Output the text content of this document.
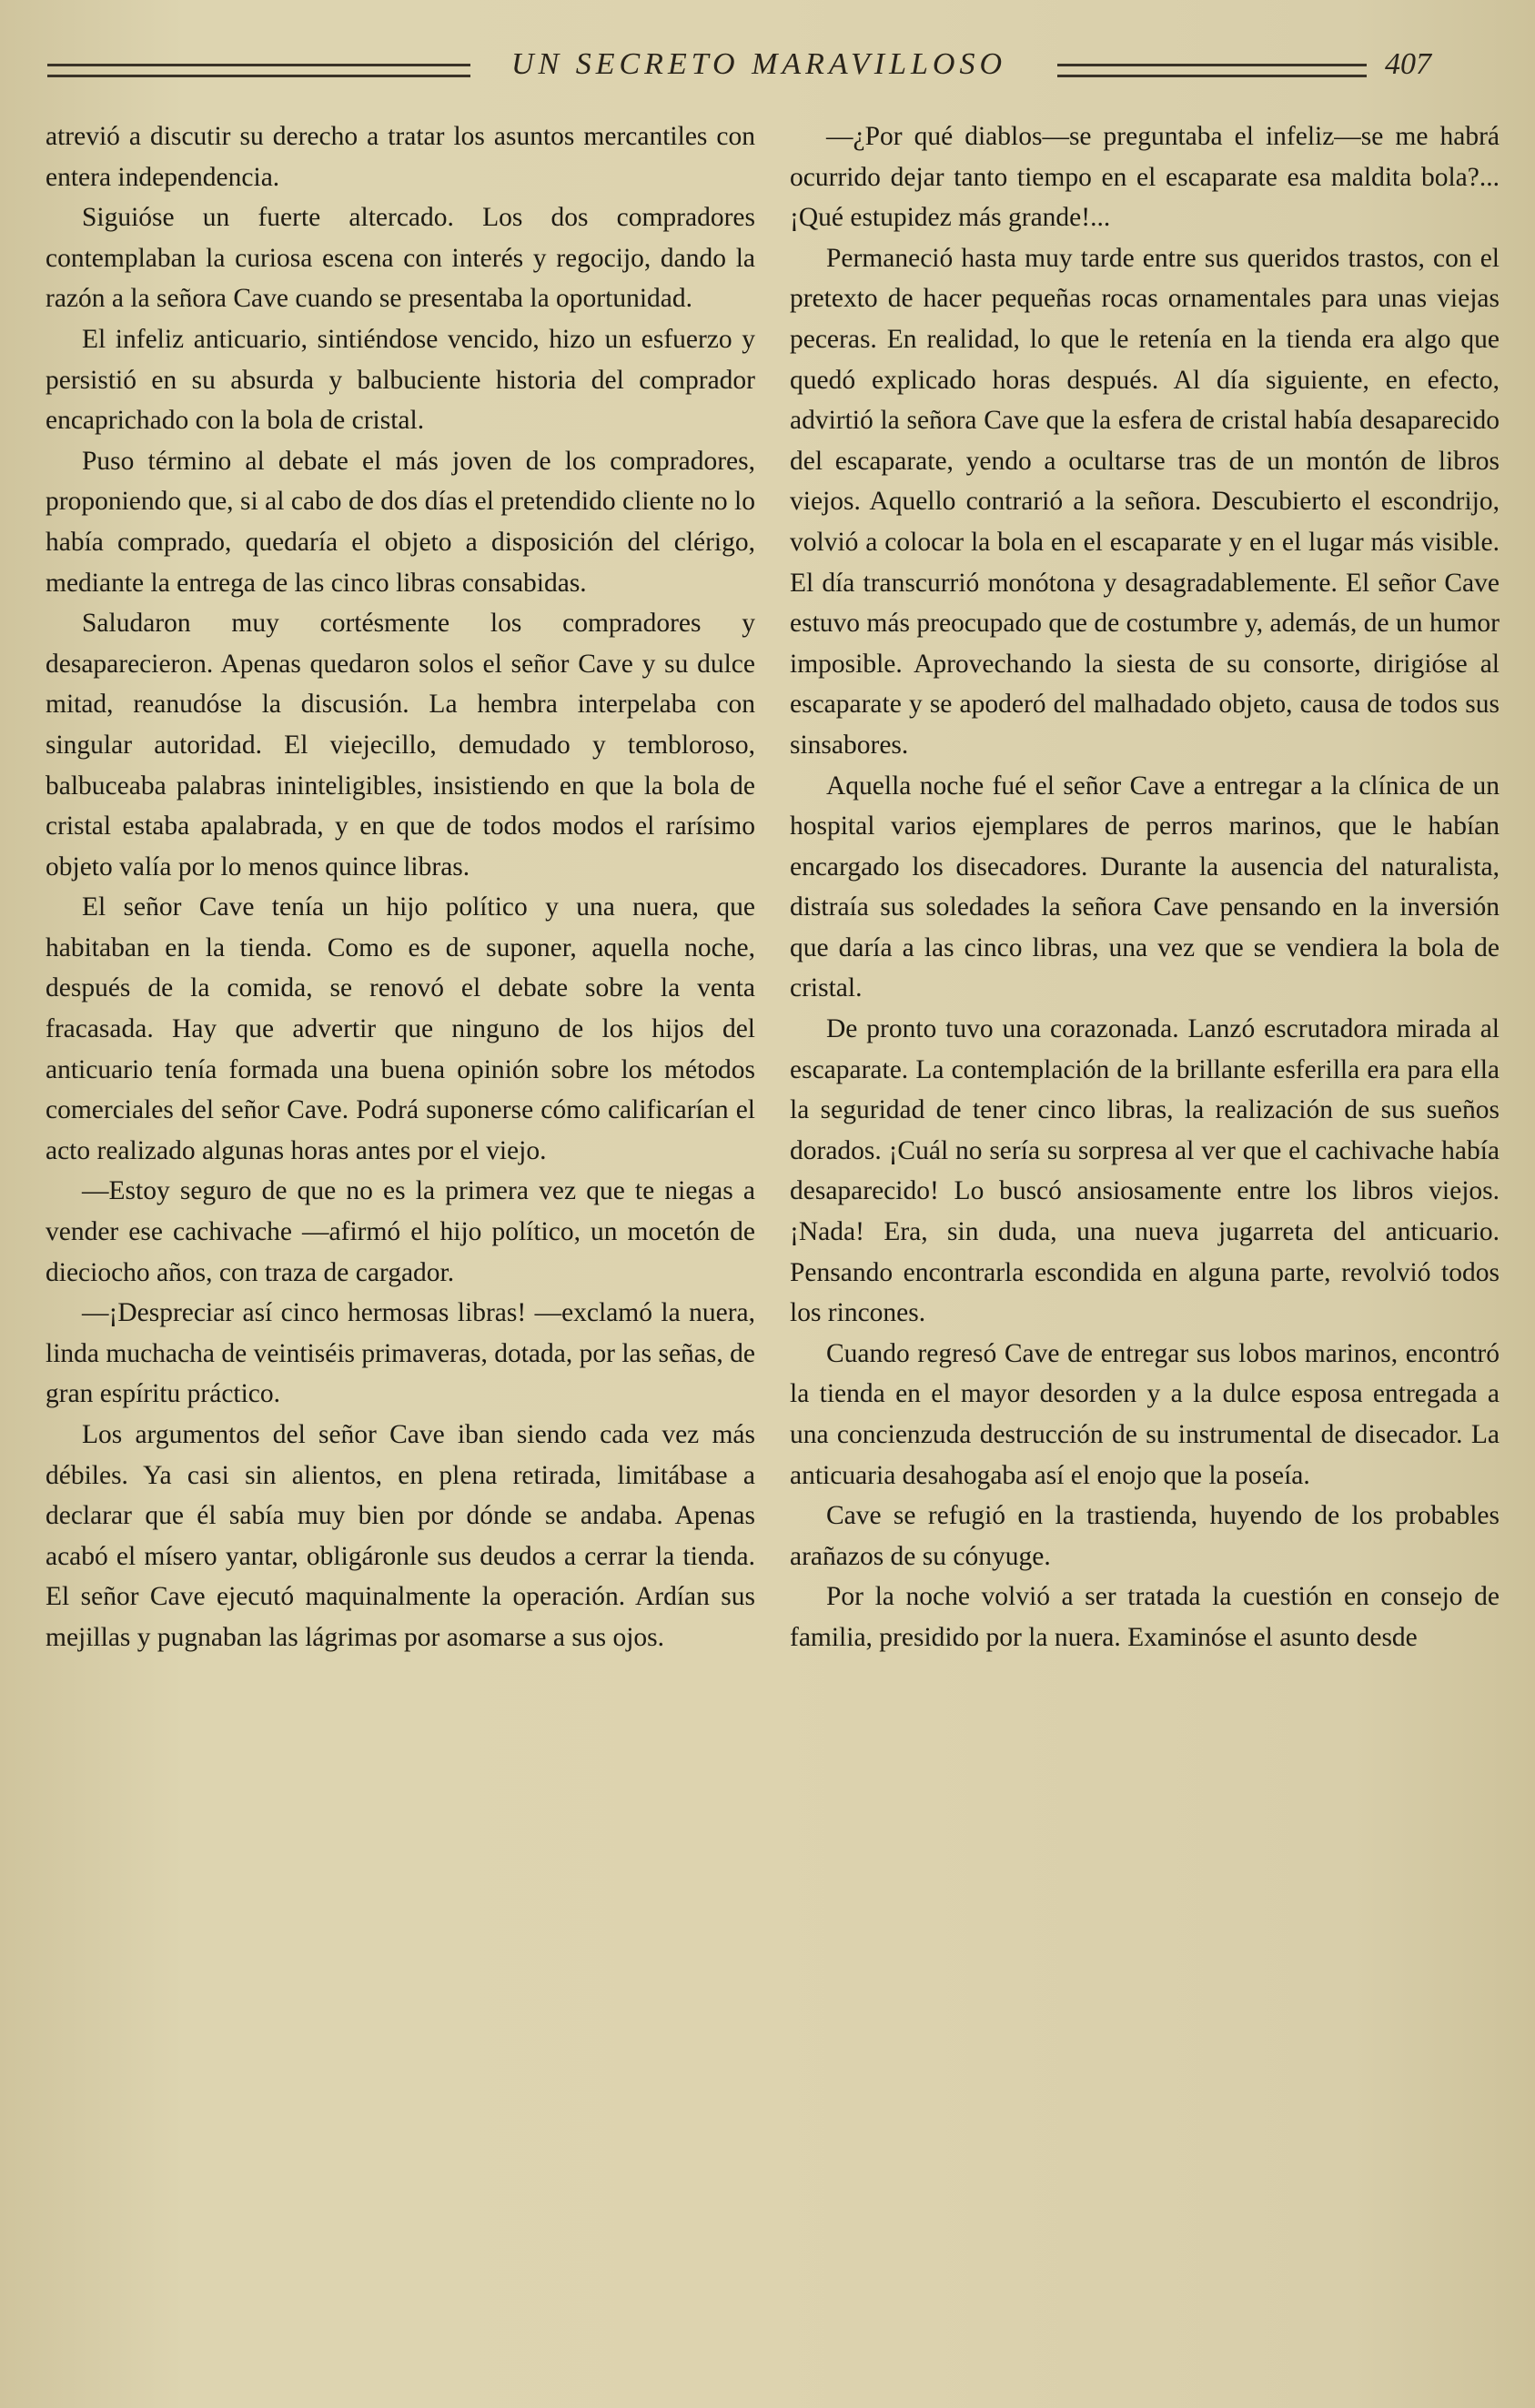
UN SECRETO MARAVILLOSO	407

atrevió a discutir su derecho a tratar los asuntos mercantiles con entera independencia.

Siguióse un fuerte altercado. Los dos compradores contemplaban la curiosa escena con interés y regocijo, dando la razón a la señora Cave cuando se presentaba la oportunidad.

El infeliz anticuario, sintiéndose vencido, hizo un esfuerzo y persistió en su absurda y balbuciente historia del comprador encaprichado con la bola de cristal.

Puso término al debate el más joven de los compradores, proponiendo que, si al cabo de dos días el pretendido cliente no lo había comprado, quedaría el objeto a disposición del clérigo, mediante la entrega de las cinco libras consabidas.

Saludaron muy cortésmente los compradores y desaparecieron. Apenas quedaron solos el señor Cave y su dulce mitad, reanudóse la discusión. La hembra interpelaba con singular autoridad. El viejecillo, demudado y tembloroso, balbuceaba palabras ininteligibles, insistiendo en que la bola de cristal estaba apalabrada, y en que de todos modos el rarísimo objeto valía por lo menos quince libras.

El señor Cave tenía un hijo político y una nuera, que habitaban en la tienda. Como es de suponer, aquella noche, después de la comida, se renovó el debate sobre la venta fracasada. Hay que advertir que ninguno de los hijos del anticuario tenía formada una buena opinión sobre los métodos comerciales del señor Cave. Podrá suponerse cómo calificarían el acto realizado algunas horas antes por el viejo.

—Estoy seguro de que no es la primera vez que te niegas a vender ese cachivache —afirmó el hijo político, un mocetón de dieciocho años, con traza de cargador.

—¡Despreciar así cinco hermosas libras! —exclamó la nuera, linda muchacha de veintiséis primaveras, dotada, por las señas, de gran espíritu práctico.

Los argumentos del señor Cave iban siendo cada vez más débiles. Ya casi sin alientos, en plena retirada, limitábase a declarar que él sabía muy bien por dónde se andaba. Apenas acabó el mísero yantar, obligáronle sus deudos a cerrar la tienda. El señor Cave ejecutó maquinalmente la operación. Ardían sus mejillas y pugnaban las lágrimas por asomarse a sus ojos.

—¿Por qué diablos—se preguntaba el infeliz—se me habrá ocurrido dejar tanto tiempo en el escaparate esa maldita bola?... ¡Qué estupidez más grande!...

Permaneció hasta muy tarde entre sus queridos trastos, con el pretexto de hacer pequeñas rocas ornamentales para unas viejas peceras. En realidad, lo que le retenía en la tienda era algo que quedó explicado horas después. Al día siguiente, en efecto, advirtió la señora Cave que la esfera de cristal había desaparecido del escaparate, yendo a ocultarse tras de un montón de libros viejos. Aquello contrarió a la señora. Descubierto el escondrijo, volvió a colocar la bola en el escaparate y en el lugar más visible. El día transcurrió monótona y desagradablemente. El señor Cave estuvo más preocupado que de costumbre y, además, de un humor imposible. Aprovechando la siesta de su consorte, dirigióse al escaparate y se apoderó del malhadado objeto, causa de todos sus sinsabores.

Aquella noche fué el señor Cave a entregar a la clínica de un hospital varios ejemplares de perros marinos, que le habían encargado los disecadores. Durante la ausencia del naturalista, distraía sus soledades la señora Cave pensando en la inversión que daría a las cinco libras, una vez que se vendiera la bola de cristal.

De pronto tuvo una corazonada. Lanzó escrutadora mirada al escaparate. La contemplación de la brillante esferilla era para ella la seguridad de tener cinco libras, la realización de sus sueños dorados. ¡Cuál no sería su sorpresa al ver que el cachivache había desaparecido! Lo buscó ansiosamente entre los libros viejos. ¡Nada! Era, sin duda, una nueva jugarreta del anticuario. Pensando encontrarla escondida en alguna parte, revolvió todos los rincones.

Cuando regresó Cave de entregar sus lobos marinos, encontró la tienda en el mayor desorden y a la dulce esposa entregada a una concienzuda destrucción de su instrumental de disecador. La anticuaria desahogaba así el enojo que la poseía.

Cave se refugió en la trastienda, huyendo de los probables arañazos de su cónyuge.

Por la noche volvió a ser tratada la cuestión en consejo de familia, presidido por la nuera. Examinóse el asunto desde
